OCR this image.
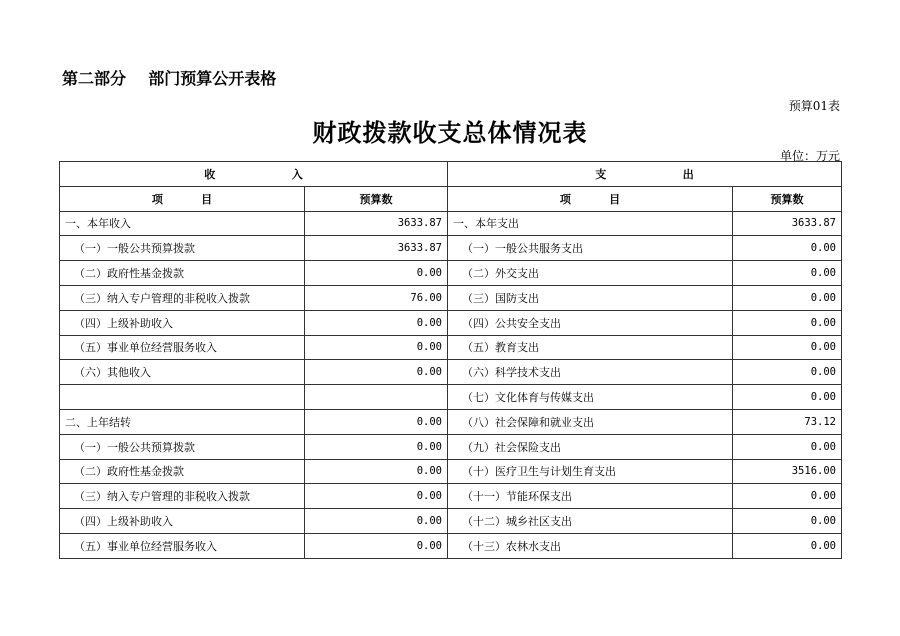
第二部分    部门预算公开表格
预算01表
财政拨款收支总体情况表
单位：万元
收                    入		支                    出	
项          目	预算数	项          目	预算数
一、本年收入	3633.87	一、本年支出	3633.87
（一）一般公共预算拨款	3633.87	（一）一般公共服务支出	0.00
（二）政府性基金拨款	0.00	（二）外交支出	0.00
（三）纳入专户管理的非税收入拨款	76.00	（三）国防支出	0.00
（四）上级补助收入	0.00	（四）公共安全支出	0.00
（五）事业单位经营服务收入	0.00	（五）教育支出	0.00
（六）其他收入	0.00	（六）科学技术支出	0.00
		（七）文化体育与传媒支出	0.00
二、上年结转	0.00	（八）社会保障和就业支出	73.12
（一）一般公共预算拨款	0.00	（九）社会保险支出	0.00
（二）政府性基金拨款	0.00	（十）医疗卫生与计划生育支出	3516.00
（三）纳入专户管理的非税收入拨款	0.00	（十一）节能环保支出	0.00
（四）上级补助收入	0.00	（十二）城乡社区支出	0.00
（五）事业单位经营服务收入	0.00	（十三）农林水支出	0.00
